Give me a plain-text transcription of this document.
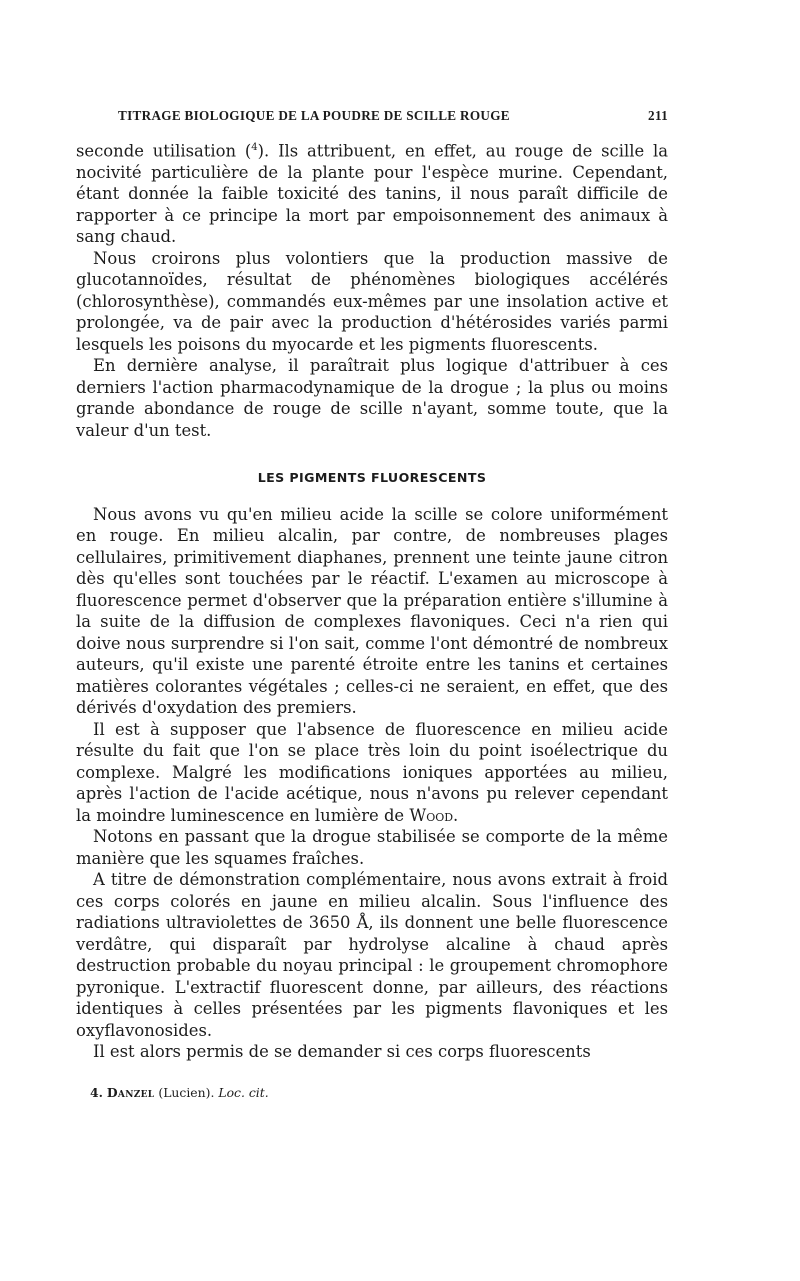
TITRAGE BIOLOGIQUE DE LA POUDRE DE SCILLE ROUGE	211

seconde utilisation ($^4$). Ils attribuent, en effet, au rouge de scille la nocivité particulière de la plante pour l'espèce murine. Cependant, étant donnée la faible toxicité des tanins, il nous paraît difficile de rapporter à ce principe la mort par empoisonnement des animaux à sang chaud.

Nous croirons plus volontiers que la production massive de glucotannoïdes, résultat de phénomènes biologiques accélérés (chlorosynthèse), commandés eux-mêmes par une insolation active et prolongée, va de pair avec la production d'hétérosides variés parmi lesquels les poisons du myocarde et les pigments fluorescents.

En dernière analyse, il paraîtrait plus logique d'attribuer à ces derniers l'action pharmacodynamique de la drogue ; la plus ou moins grande abondance de rouge de scille n'ayant, somme toute, que la valeur d'un test.

LES PIGMENTS FLUORESCENTS

Nous avons vu qu'en milieu acide la scille se colore uniformément en rouge. En milieu alcalin, par contre, de nombreuses plages cellulaires, primitivement diaphanes, prennent une teinte jaune citron dès qu'elles sont touchées par le réactif. L'examen au microscope à fluorescence permet d'observer que la préparation entière s'illumine à la suite de la diffusion de complexes flavoniques. Ceci n'a rien qui doive nous surprendre si l'on sait, comme l'ont démontré de nombreux auteurs, qu'il existe une parenté étroite entre les tanins et certaines matières colorantes végétales ; celles-ci ne seraient, en effet, que des dérivés d'oxydation des premiers.

Il est à supposer que l'absence de fluorescence en milieu acide résulte du fait que l'on se place très loin du point isoélectrique du complexe. Malgré les modifications ioniques apportées au milieu, après l'action de l'acide acétique, nous n'avons pu relever cependant la moindre luminescence en lumière de Wood.

Notons en passant que la drogue stabilisée se comporte de la même manière que les squames fraîches.

A titre de démonstration complémentaire, nous avons extrait à froid ces corps colorés en jaune en milieu alcalin. Sous l'influence des radiations ultraviolettes de 3650 Å, ils donnent une belle fluorescence verdâtre, qui disparaît par hydrolyse alcaline à chaud après destruction probable du noyau principal : le groupement chromophore pyronique. L'extractif fluorescent donne, par ailleurs, des réactions identiques à celles présentées par les pigments flavoniques et les oxyflavonosides.

Il est alors permis de se demander si ces corps fluorescents

4. Danzel (Lucien). Loc. cit.
